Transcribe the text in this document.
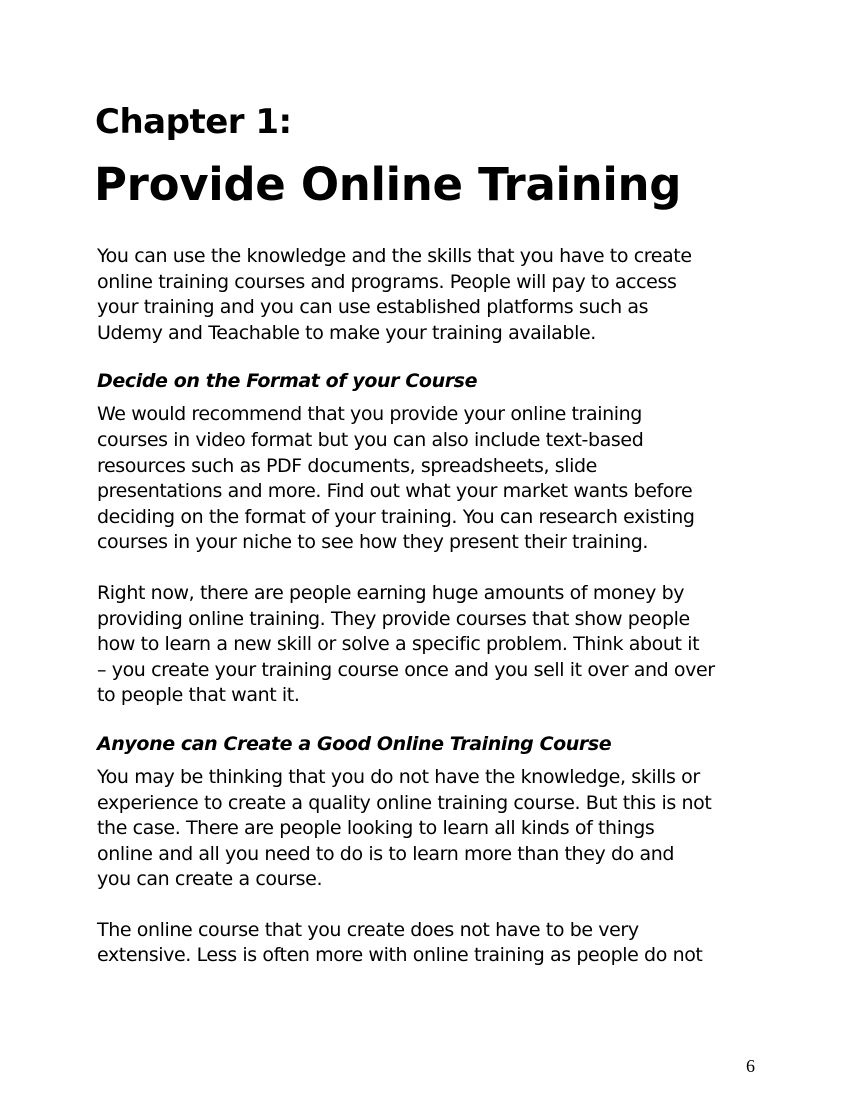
Chapter 1:
Provide Online Training

You can use the knowledge and the skills that you have to create
online training courses and programs. People will pay to access
your training and you can use established platforms such as
Udemy and Teachable to make your training available.

Decide on the Format of your Course

We would recommend that you provide your online training
courses in video format but you can also include text-based
resources such as PDF documents, spreadsheets, slide
presentations and more. Find out what your market wants before
deciding on the format of your training. You can research existing
courses in your niche to see how they present their training.

Right now, there are people earning huge amounts of money by
providing online training. They provide courses that show people
how to learn a new skill or solve a specific problem. Think about it
– you create your training course once and you sell it over and over
to people that want it.

Anyone can Create a Good Online Training Course

You may be thinking that you do not have the knowledge, skills or
experience to create a quality online training course. But this is not
the case. There are people looking to learn all kinds of things
online and all you need to do is to learn more than they do and
you can create a course.

The online course that you create does not have to be very
extensive. Less is often more with online training as people do not

6
